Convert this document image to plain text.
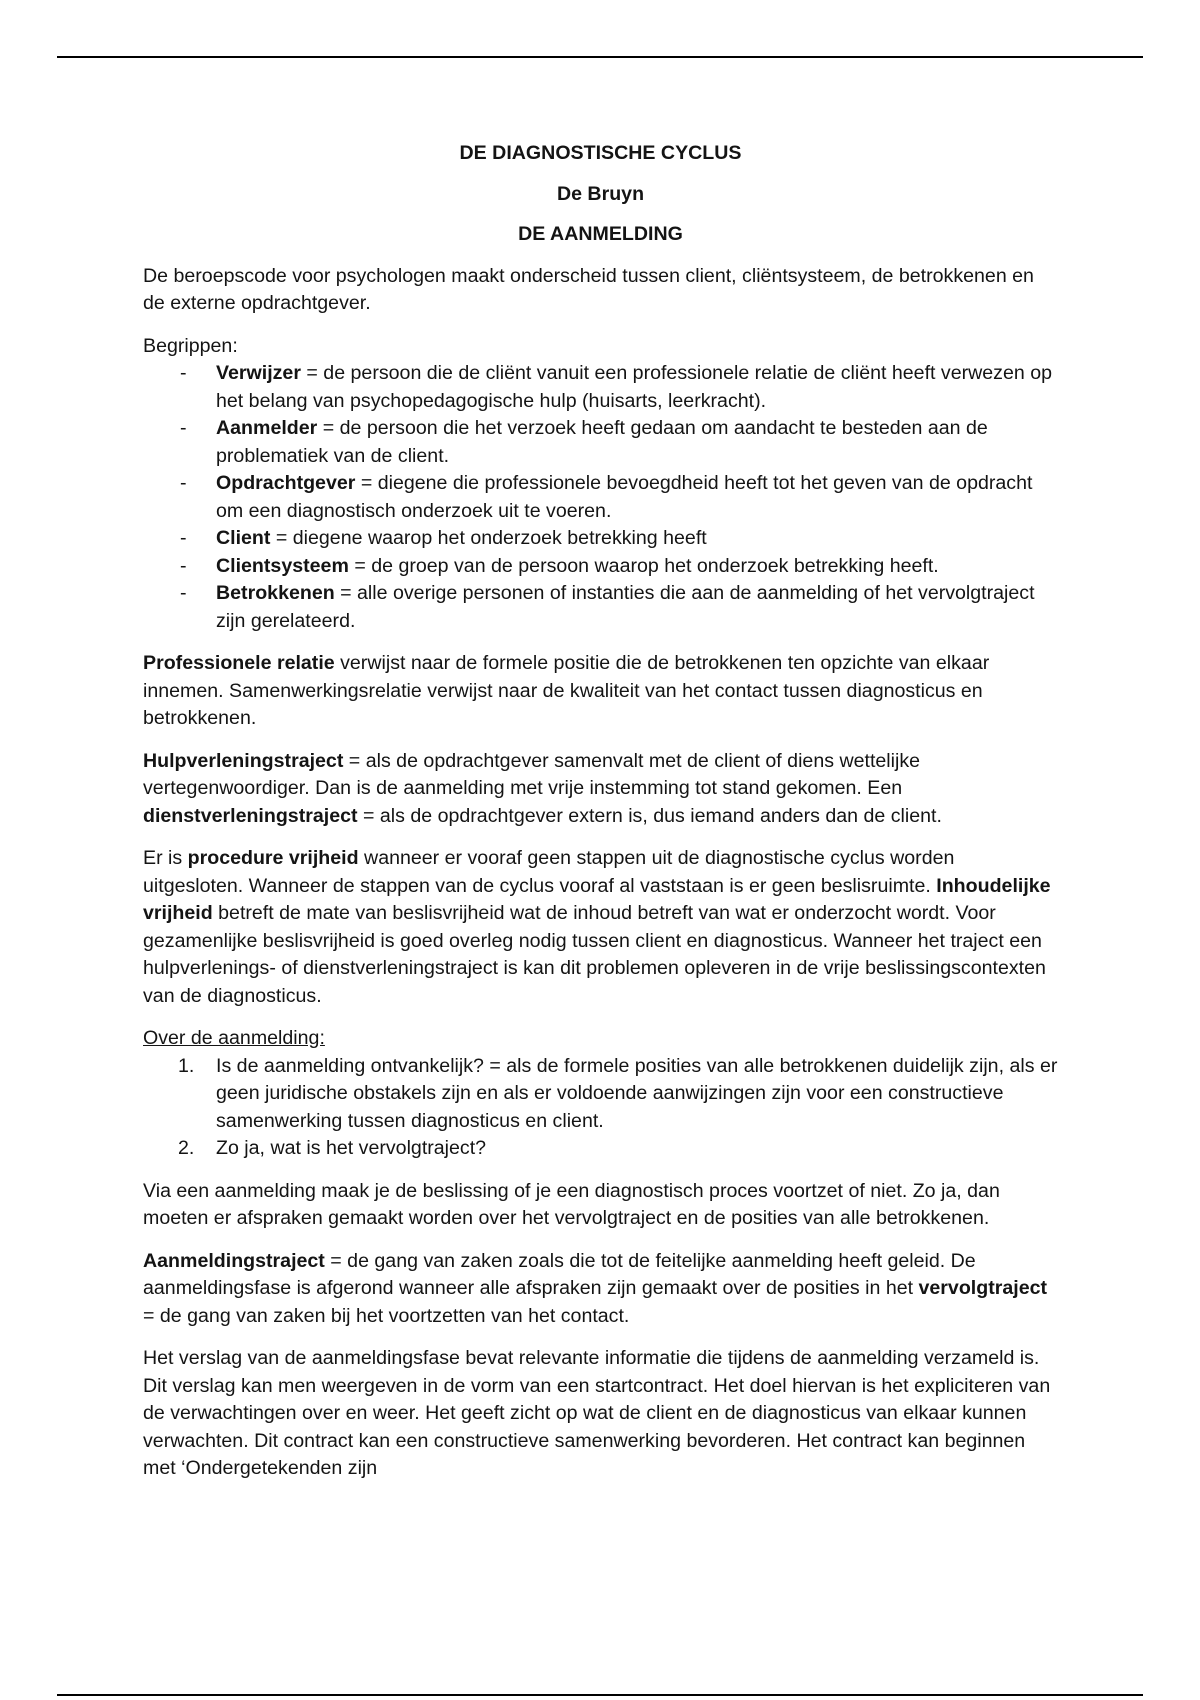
DE DIAGNOSTISCHE CYCLUS

De Bruyn

DE AANMELDING

De beroepscode voor psychologen maakt onderscheid tussen client, cliëntsysteem, de betrokkenen en de externe opdrachtgever.

Begrippen:
- Verwijzer = de persoon die de cliënt vanuit een professionele relatie de cliënt heeft verwezen op het belang van psychopedagogische hulp (huisarts, leerkracht).
- Aanmelder = de persoon die het verzoek heeft gedaan om aandacht te besteden aan de problematiek van de client.
- Opdrachtgever = diegene die professionele bevoegdheid heeft tot het geven van de opdracht om een diagnostisch onderzoek uit te voeren.
- Client = diegene waarop het onderzoek betrekking heeft
- Clientsysteem = de groep van de persoon waarop het onderzoek betrekking heeft.
- Betrokkenen = alle overige personen of instanties die aan de aanmelding of het vervolgtraject zijn gerelateerd.

Professionele relatie verwijst naar de formele positie die de betrokkenen ten opzichte van elkaar innemen. Samenwerkingsrelatie verwijst naar de kwaliteit van het contact tussen diagnosticus en betrokkenen.

Hulpverleningstraject = als de opdrachtgever samenvalt met de client of diens wettelijke vertegenwoordiger. Dan is de aanmelding met vrije instemming tot stand gekomen. Een dienstverleningstraject = als de opdrachtgever extern is, dus iemand anders dan de client.

Er is procedure vrijheid wanneer er vooraf geen stappen uit de diagnostische cyclus worden uitgesloten. Wanneer de stappen van de cyclus vooraf al vaststaan is er geen beslisruimte. Inhoudelijke vrijheid betreft de mate van beslisvrijheid wat de inhoud betreft van wat er onderzocht wordt. Voor gezamenlijke beslisvrijheid is goed overleg nodig tussen client en diagnosticus. Wanneer het traject een hulpverlenings- of dienstverleningstraject is kan dit problemen opleveren in de vrije beslissingscontexten van de diagnosticus.

Over de aanmelding:
1. Is de aanmelding ontvankelijk? = als de formele posities van alle betrokkenen duidelijk zijn, als er geen juridische obstakels zijn en als er voldoende aanwijzingen zijn voor een constructieve samenwerking tussen diagnosticus en client.
2. Zo ja, wat is het vervolgtraject?

Via een aanmelding maak je de beslissing of je een diagnostisch proces voortzet of niet. Zo ja, dan moeten er afspraken gemaakt worden over het vervolgtraject en de posities van alle betrokkenen.

Aanmeldingstraject = de gang van zaken zoals die tot de feitelijke aanmelding heeft geleid. De aanmeldingsfase is afgerond wanneer alle afspraken zijn gemaakt over de posities in het vervolgtraject = de gang van zaken bij het voortzetten van het contact.

Het verslag van de aanmeldingsfase bevat relevante informatie die tijdens de aanmelding verzameld is. Dit verslag kan men weergeven in de vorm van een startcontract. Het doel hiervan is het expliciteren van de verwachtingen over en weer. Het geeft zicht op wat de client en de diagnosticus van elkaar kunnen verwachten. Dit contract kan een constructieve samenwerking bevorderen. Het contract kan beginnen met ‘Ondergetekenden zijn
